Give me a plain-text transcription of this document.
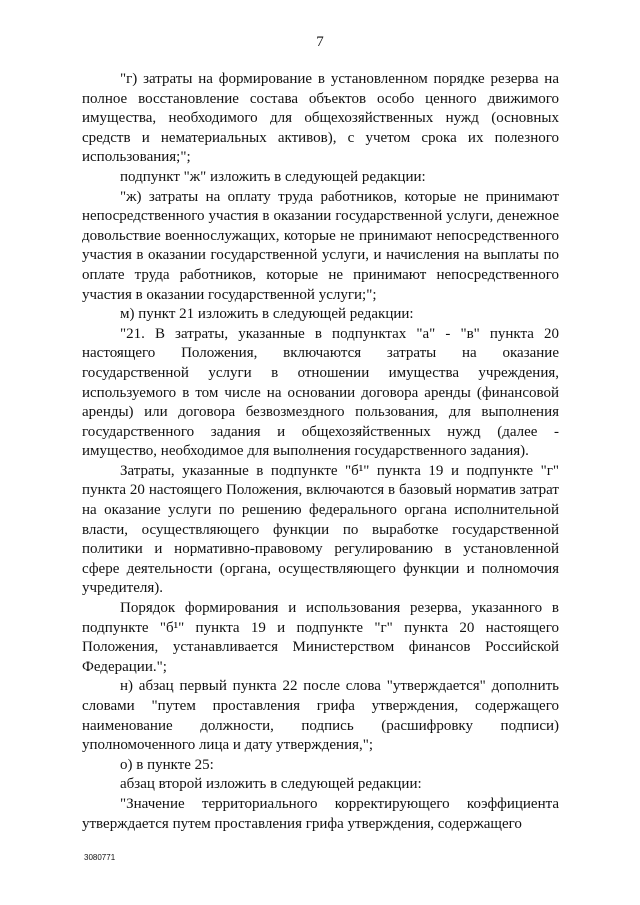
7

"г) затраты на формирование в установленном порядке резерва на полное восстановление состава объектов особо ценного движимого имущества, необходимого для общехозяйственных нужд (основных средств и нематериальных активов), с учетом срока их полезного использования;";

подпункт "ж" изложить в следующей редакции:

"ж) затраты на оплату труда работников, которые не принимают непосредственного участия в оказании государственной услуги, денежное довольствие военнослужащих, которые не принимают непосредственного участия в оказании государственной услуги, и начисления на выплаты по оплате труда работников, которые не принимают непосредственного участия в оказании государственной услуги;";

м) пункт 21 изложить в следующей редакции:

"21. В затраты, указанные в подпунктах "а" - "в" пункта 20 настоящего Положения, включаются затраты на оказание государственной услуги в отношении имущества учреждения, используемого в том числе на основании договора аренды (финансовой аренды) или договора безвозмездного пользования, для выполнения государственного задания и общехозяйственных нужд (далее - имущество, необходимое для выполнения государственного задания).

Затраты, указанные в подпункте "б¹" пункта 19 и подпункте "г" пункта 20 настоящего Положения, включаются в базовый норматив затрат на оказание услуги по решению федерального органа исполнительной власти, осуществляющего функции по выработке государственной политики и нормативно-правовому регулированию в установленной сфере деятельности (органа, осуществляющего функции и полномочия учредителя).

Порядок формирования и использования резерва, указанного в подпункте "б¹" пункта 19 и подпункте "г" пункта 20 настоящего Положения, устанавливается Министерством финансов Российской Федерации.";

н) абзац первый пункта 22 после слова "утверждается" дополнить словами "путем проставления грифа утверждения, содержащего наименование должности, подпись (расшифровку подписи) уполномоченного лица и дату утверждения,";

о) в пункте 25:

абзац второй изложить в следующей редакции:

"Значение территориального корректирующего коэффициента утверждается путем проставления грифа утверждения, содержащего

3080771
